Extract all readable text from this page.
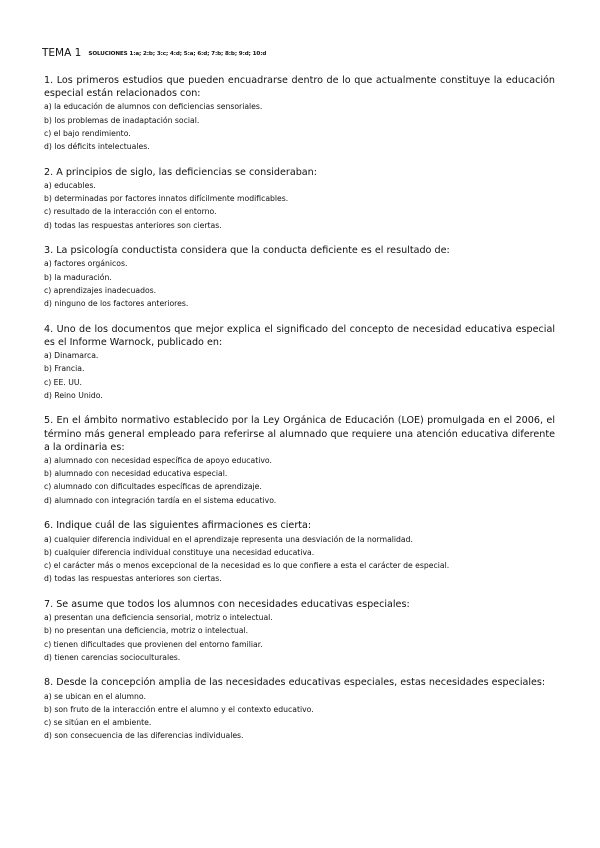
TEMA 1 SOLUCIONES 1:a; 2:b; 3:c; 4:d; 5:a; 6:d; 7:b; 8:b; 9:d; 10:d

1. Los primeros estudios que pueden encuadrarse dentro de lo que actualmente constituye la educación especial están relacionados con:

a) la educación de alumnos con deficiencias sensoriales.

b) los problemas de inadaptación social.

c) el bajo rendimiento.

d) los déficits intelectuales.

2. A principios de siglo, las deficiencias se consideraban:

a) educables.

b) determinadas por factores innatos difícilmente modificables.

c) resultado de la interacción con el entorno.

d) todas las respuestas anteriores son ciertas.

3. La psicología conductista considera que la conducta deficiente es el resultado de:

a) factores orgánicos.

b) la maduración.

c) aprendizajes inadecuados.

d) ninguno de los factores anteriores.

4. Uno de los documentos que mejor explica el significado del concepto de necesidad educativa especial es el Informe Warnock, publicado en:

a) Dinamarca.

b) Francia.

c) EE. UU.

d) Reino Unido.

5. En el ámbito normativo establecido por la Ley Orgánica de Educación (LOE) promulgada en el 2006, el término más general empleado para referirse al alumnado que requiere una atención educativa diferente a la ordinaria es:

a) alumnado con necesidad específica de apoyo educativo.

b) alumnado con necesidad educativa especial.

c) alumnado con dificultades específicas de aprendizaje.

d) alumnado con integración tardía en el sistema educativo.

6. Indique cuál de las siguientes afirmaciones es cierta:

a) cualquier diferencia individual en el aprendizaje representa una desviación de la normalidad.

b) cualquier diferencia individual constituye una necesidad educativa.

c) el carácter más o menos excepcional de la necesidad es lo que confiere a esta el carácter de especial.

d) todas las respuestas anteriores son ciertas.

7. Se asume que todos los alumnos con necesidades educativas especiales:

a) presentan una deficiencia sensorial, motriz o intelectual.

b) no presentan una deficiencia, motriz o intelectual.

c) tienen dificultades que provienen del entorno familiar.

d) tienen carencias socioculturales.

8. Desde la concepción amplia de las necesidades educativas especiales, estas necesidades especiales:

a) se ubican en el alumno.

b) son fruto de la interacción entre el alumno y el contexto educativo.

c) se sitúan en el ambiente.

d) son consecuencia de las diferencias individuales.
